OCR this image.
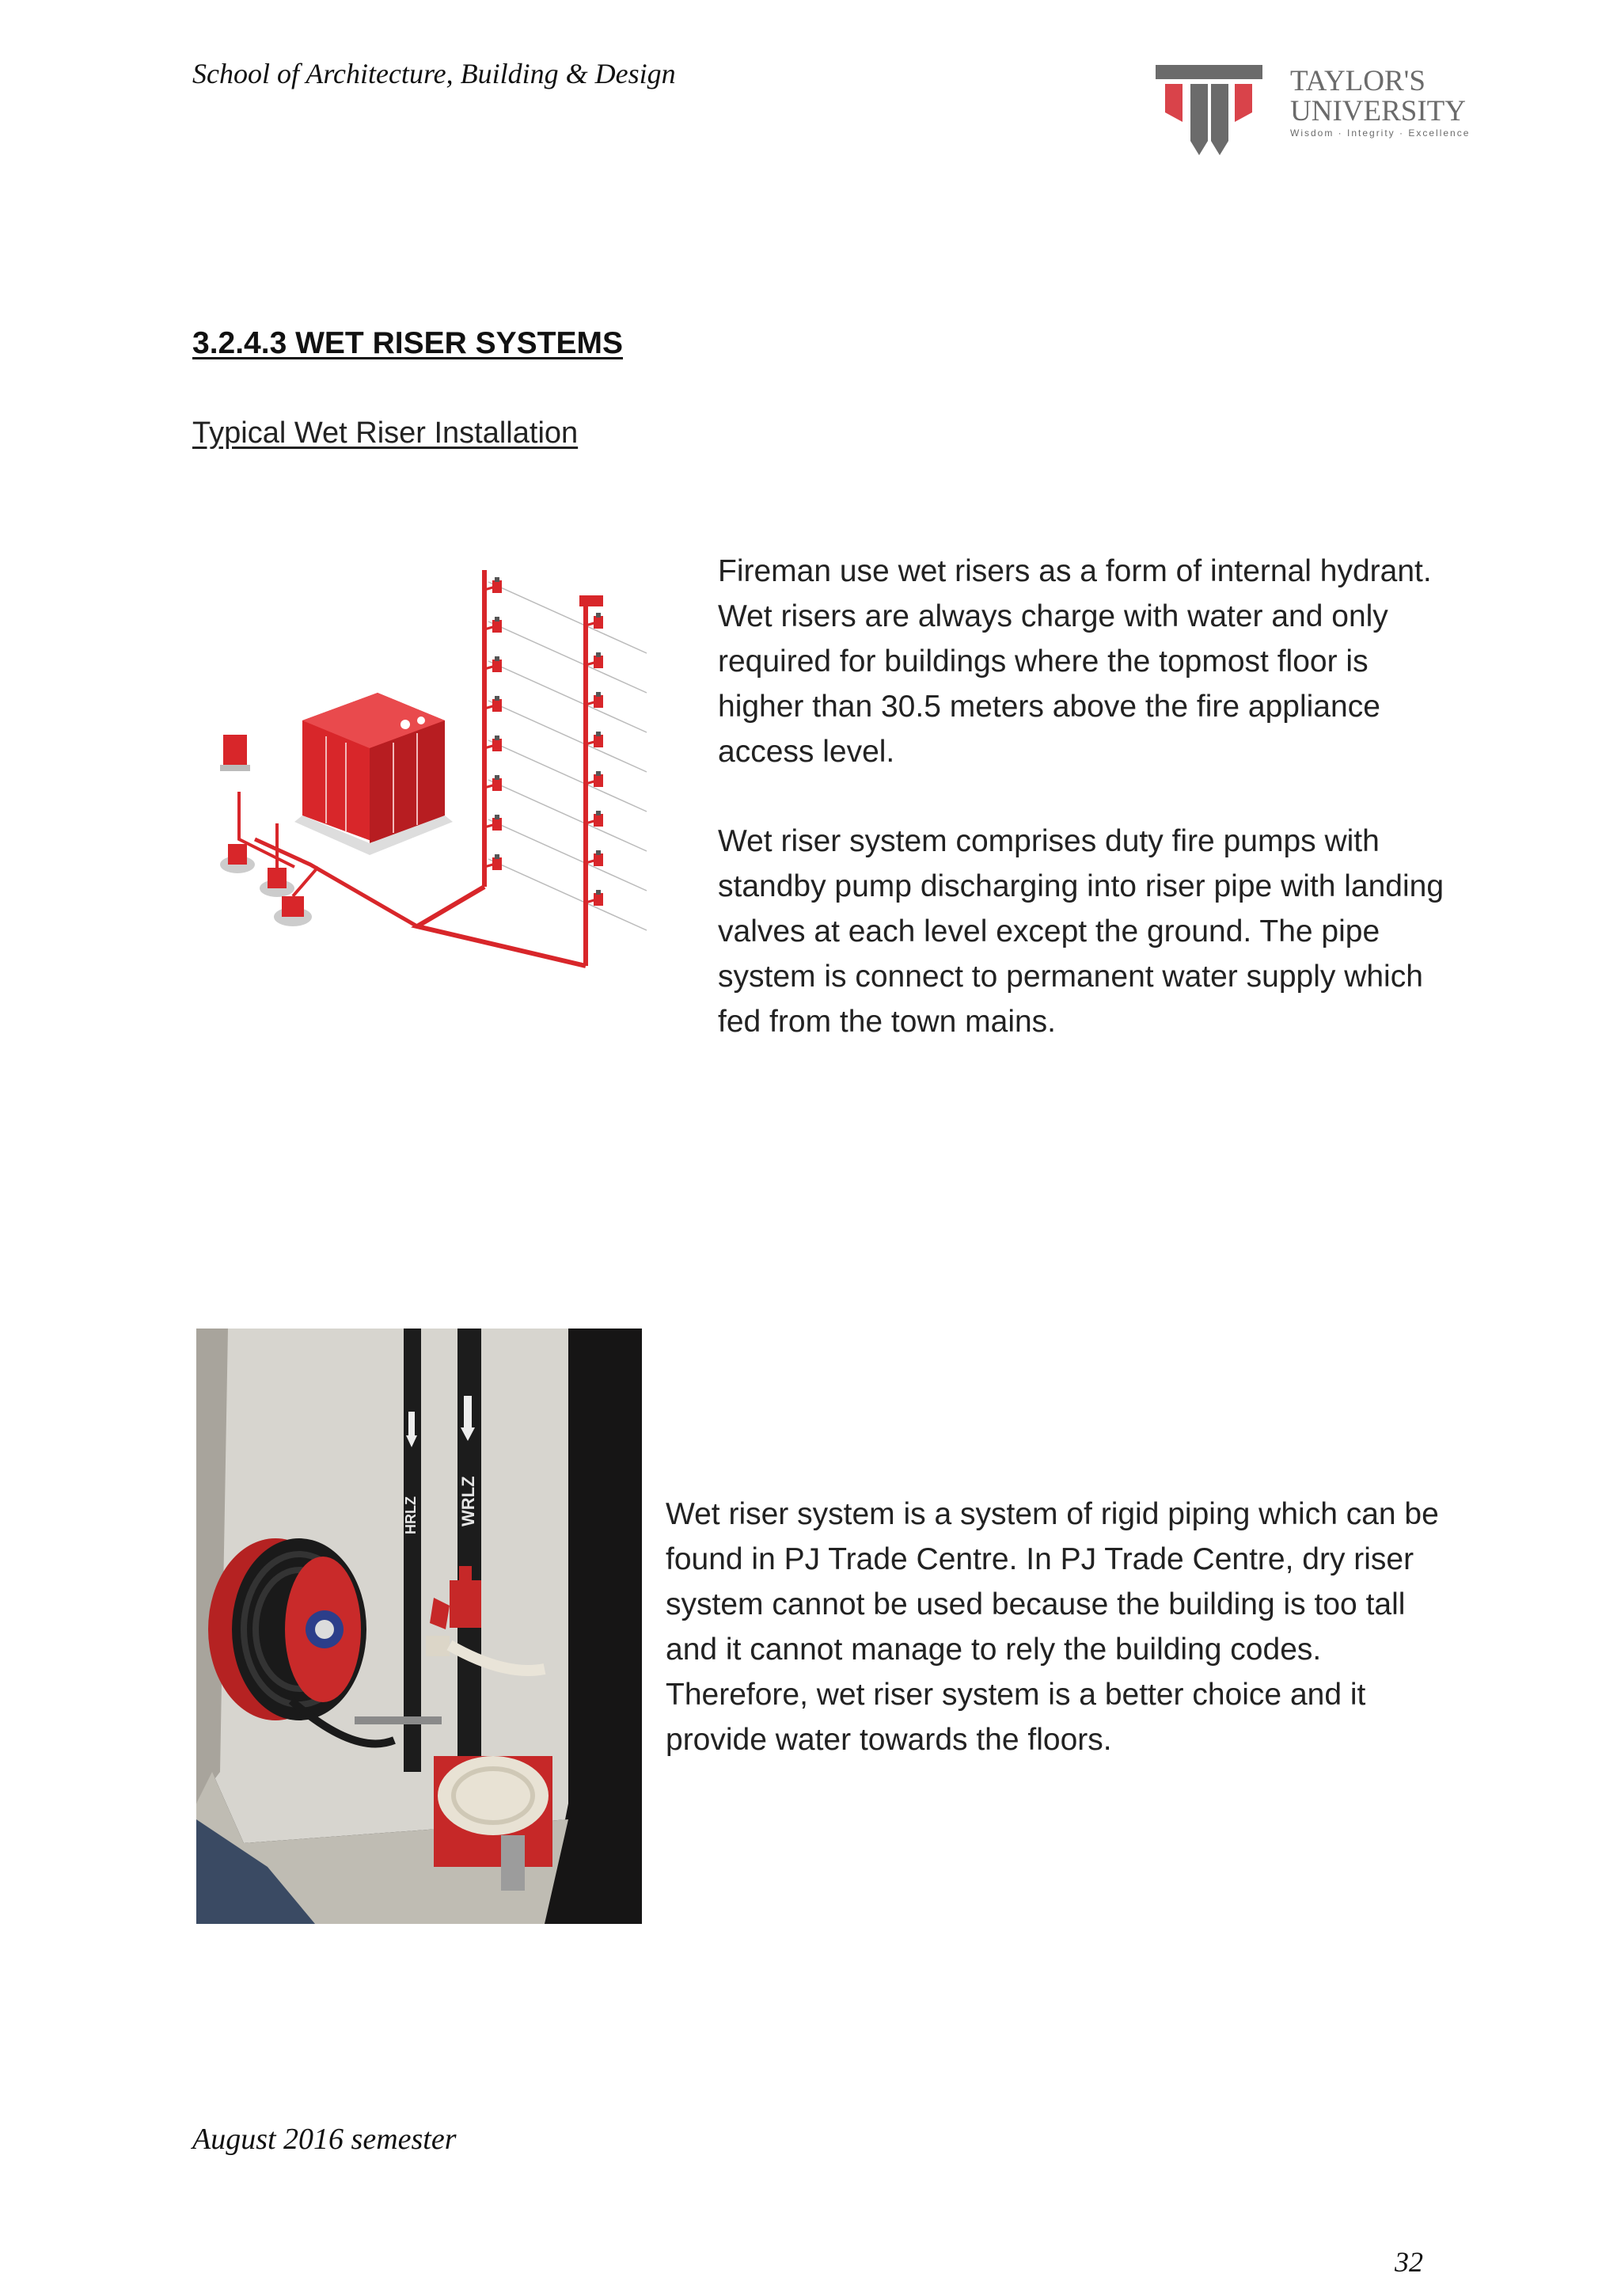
School of Architecture, Building & Design	TAYLOR'S
UNIVERSITY
Wisdom · Integrity · Excellence
3.2.4.3 WET RISER SYSTEMS
Typical Wet Riser Installation

Fireman use wet risers as a form of internal hydrant. Wet risers are always charge with water and only required for buildings where the topmost floor is higher than 30.5 meters above the fire appliance access level.

Wet riser system comprises duty fire pumps with standby pump discharging into riser pipe with landing valves at each level except the ground. The pipe system is connect to permanent water supply which fed from the town mains.

HRLZ WRLZ	Wet riser system is a system of rigid piping which can be found in PJ Trade Centre. In PJ Trade Centre, dry riser system cannot be used because the building is too tall and it cannot manage to rely the building codes. Therefore, wet riser system is a better choice and it provide water towards the floors.

August 2016 semester
32
